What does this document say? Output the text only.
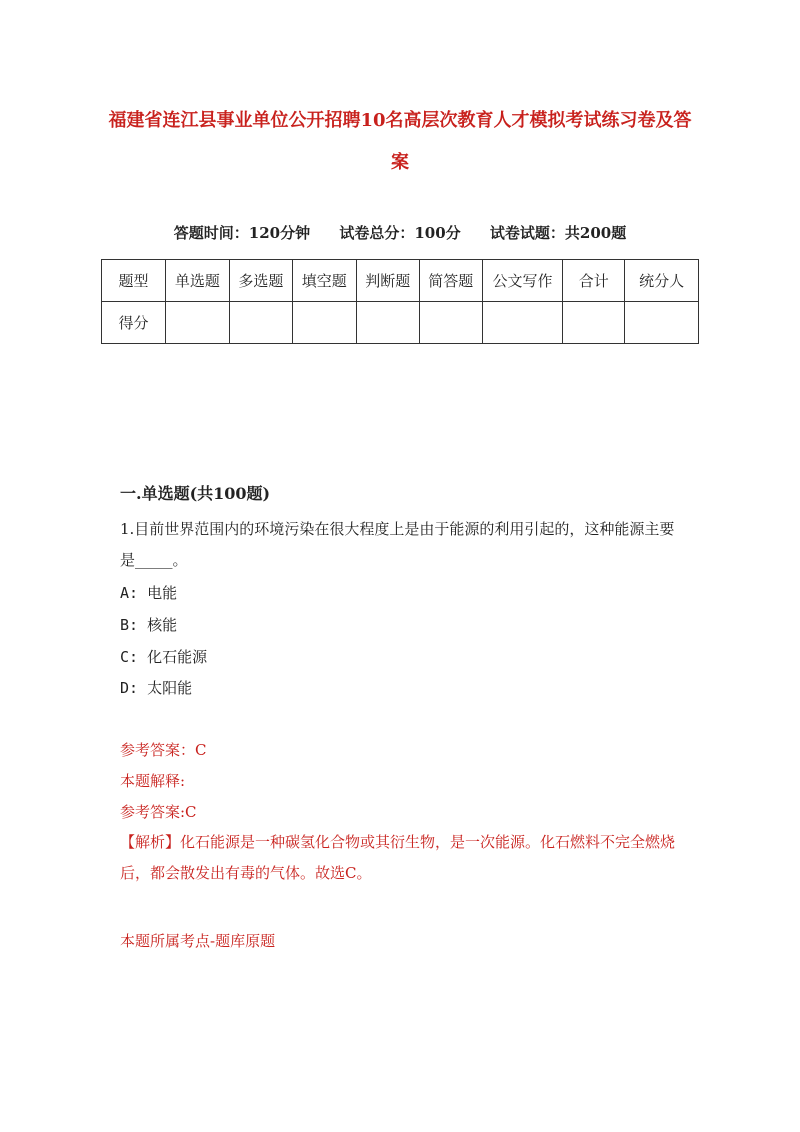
福建省连江县事业单位公开招聘10名高层次教育人才模拟考试练习卷及答案
答题时间：120分钟 试卷总分：100分 试卷试题：共200题
题型	单选题	多选题	填空题	判断题	简答题	公文写作	合计	统分人
得分								
一.单选题(共100题)
1.目前世界范围内的环境污染在很大程度上是由于能源的利用引起的，这种能源主要是_____。
A: 电能
B: 核能
C: 化石能源
D: 太阳能
参考答案：C
本题解释:
参考答案:C
【解析】化石能源是一种碳氢化合物或其衍生物，是一次能源。化石燃料不完全燃烧后，都会散发出有毒的气体。故选C。
本题所属考点-题库原题
